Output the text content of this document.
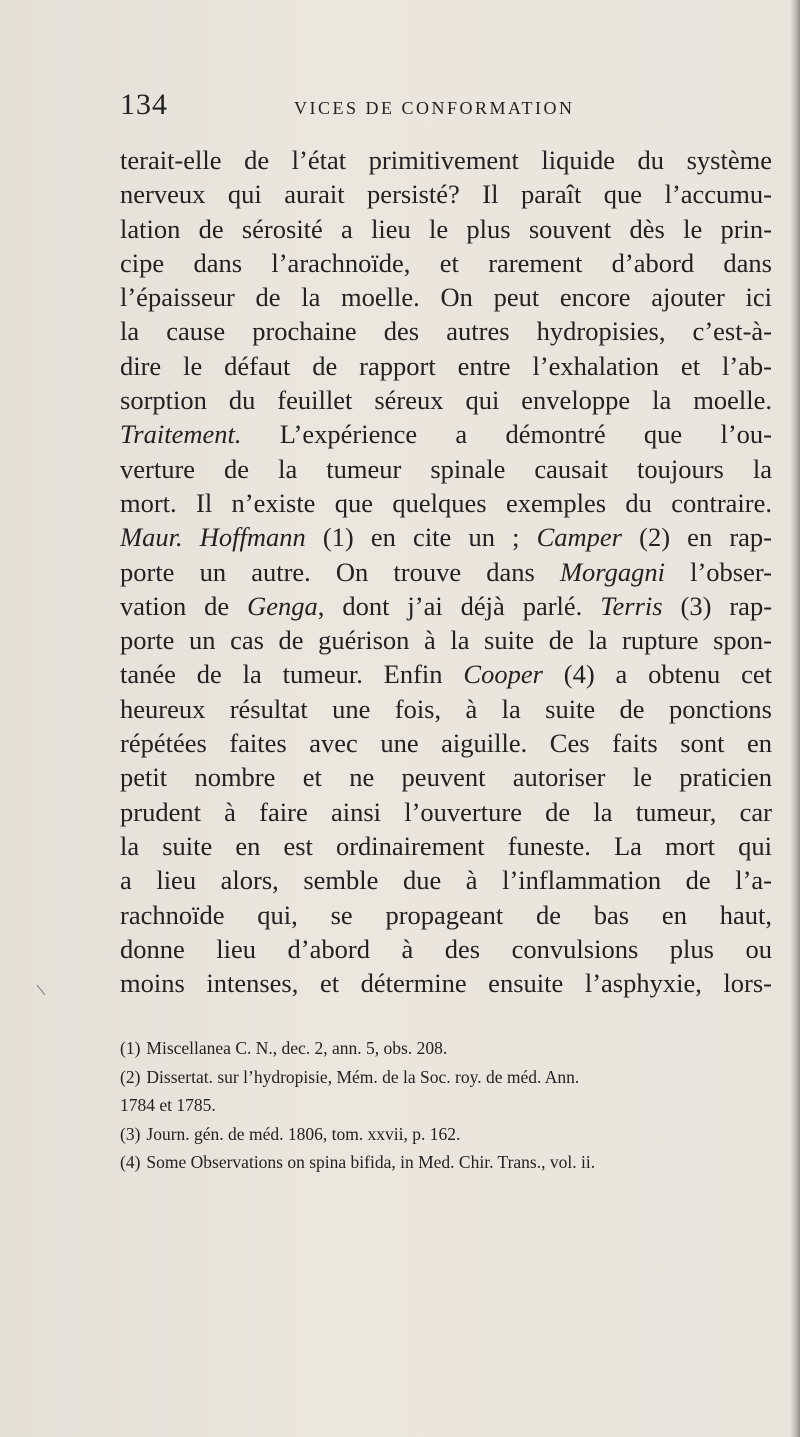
134	VICES DE CONFORMATION
terait-elle de l’état primitivement liquide du système
nerveux qui aurait persisté? Il paraît que l’accumu-
lation de sérosité a lieu le plus souvent dès le prin-
cipe dans l’arachnoïde, et rarement d’abord dans
l’épaisseur de la moelle. On peut encore ajouter ici
la cause prochaine des autres hydropisies, c’est-à-
dire le défaut de rapport entre l’exhalation et l’ab-
sorption du feuillet séreux qui enveloppe la moelle.
Traitement. L’expérience a démontré que l’ou-
verture de la tumeur spinale causait toujours la
mort. Il n’existe que quelques exemples du contraire.
Maur. Hoffmann (1) en cite un ; Camper (2) en rap-
porte un autre. On trouve dans Morgagni l’obser-
vation de Genga, dont j’ai déjà parlé. Terris (3) rap-
porte un cas de guérison à la suite de la rupture spon-
tanée de la tumeur. Enfin Cooper (4) a obtenu cet
heureux résultat une fois, à la suite de ponctions
répétées faites avec une aiguille. Ces faits sont en
petit nombre et ne peuvent autoriser le praticien
prudent à faire ainsi l’ouverture de la tumeur, car
la suite en est ordinairement funeste. La mort qui
a lieu alors, semble due à l’inflammation de l’a-
rachnoïde qui, se propageant de bas en haut,
donne lieu d’abord à des convulsions plus ou
moins intenses, et détermine ensuite l’asphyxie, lors-
(1) Miscellanea C. N., dec. 2, ann. 5, obs. 208.
(2) Dissertat. sur l’hydropisie, Mém. de la Soc. roy. de méd. Ann.
1784 et 1785.
(3) Journ. gén. de méd. 1806, tom. xxvii, p. 162.
(4) Some Observations on spina bifida, in Med. Chir. Trans., vol. ii.
